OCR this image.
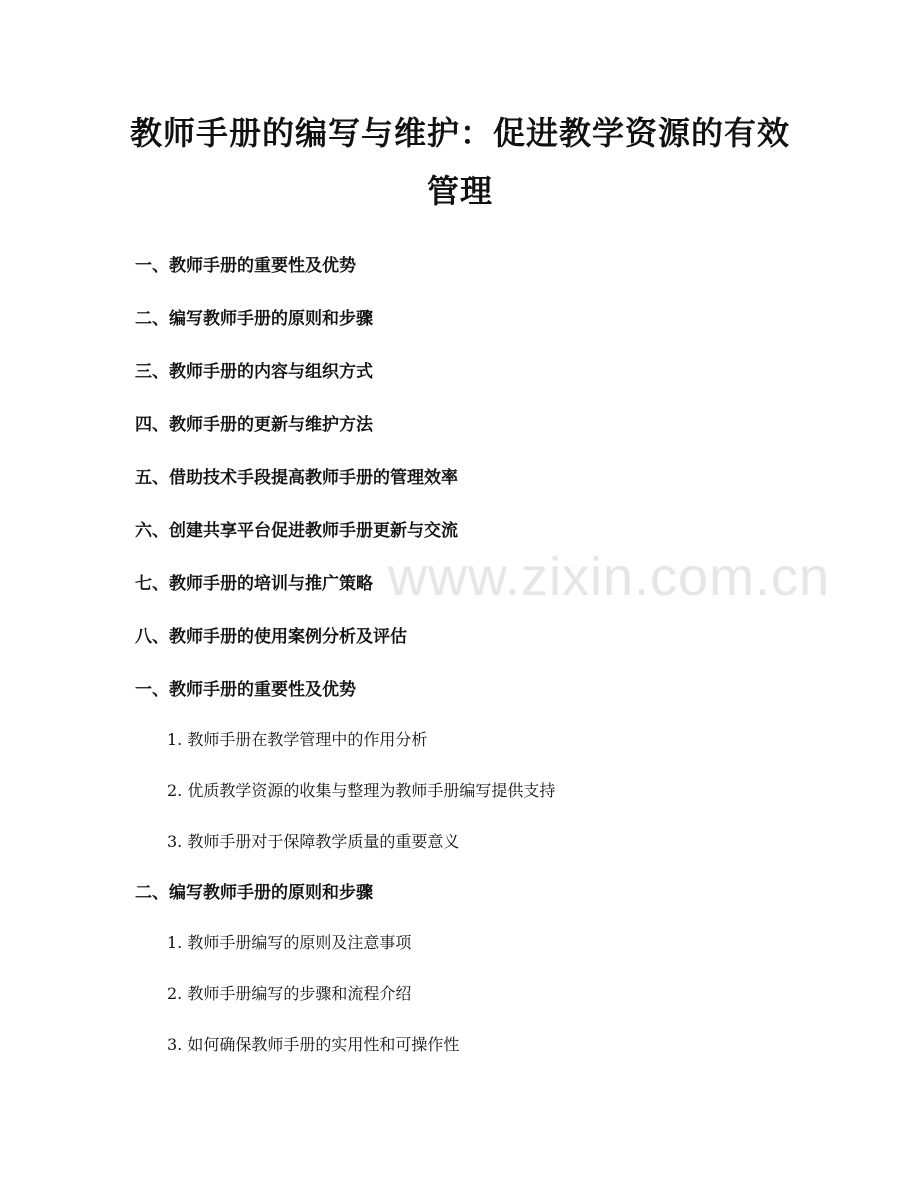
www.zixin.com.cn
教师手册的编写与维护：促进教学资源的有效管理
一、教师手册的重要性及优势
二、编写教师手册的原则和步骤
三、教师手册的内容与组织方式
四、教师手册的更新与维护方法
五、借助技术手段提高教师手册的管理效率
六、创建共享平台促进教师手册更新与交流
七、教师手册的培训与推广策略
八、教师手册的使用案例分析及评估
一、教师手册的重要性及优势
1. 教师手册在教学管理中的作用分析
2. 优质教学资源的收集与整理为教师手册编写提供支持
3. 教师手册对于保障教学质量的重要意义
二、编写教师手册的原则和步骤
1. 教师手册编写的原则及注意事项
2. 教师手册编写的步骤和流程介绍
3. 如何确保教师手册的实用性和可操作性
